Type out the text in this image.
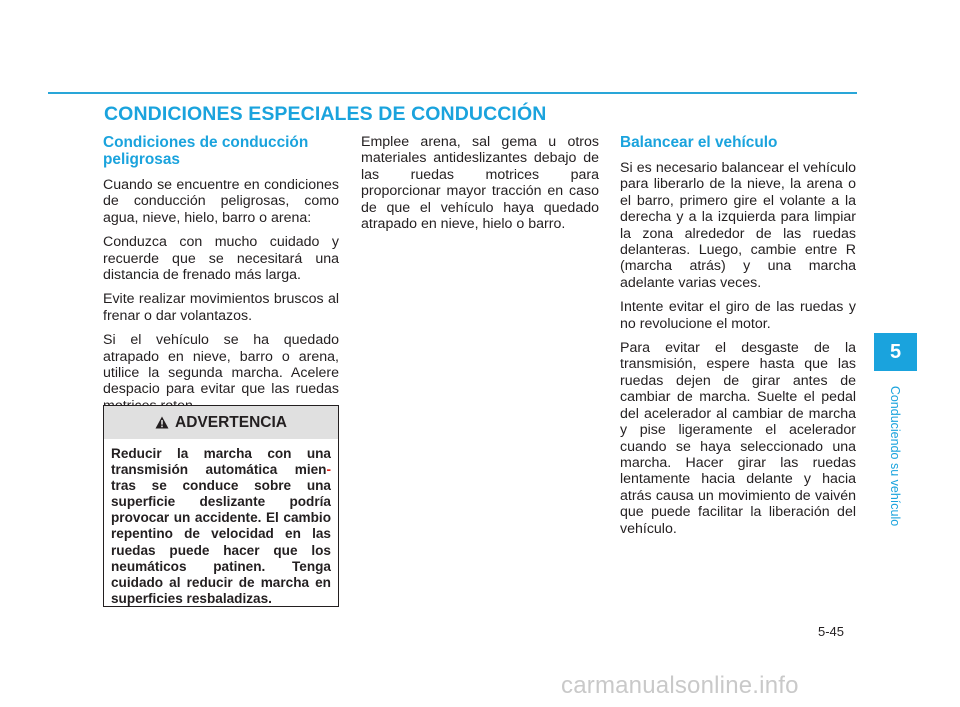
CONDICIONES ESPECIALES DE CONDUCCIÓN
Condiciones de conducción peligrosas

Cuando se encuentre en condiciones de conducción peligrosas, como agua, nieve, hielo, barro o arena:

Conduzca con mucho cuidado y recuerde que se necesitará una distancia de frenado más larga.

Evite realizar movimientos bruscos al frenar o dar volantazos.

Si el vehículo se ha quedado atrapado en nieve, barro o arena, utilice la segunda marcha. Acelere despacio para evitar que las ruedas

ADVERTENCIA
Reducir la marcha con una transmisión automática mien- tras se conduce sobre una superficie deslizante podría provocar un accidente. El cambio repentino de velocidad en las ruedas puede hacer que los neumáticos patinen. Tenga cuidado al reducir de marcha en superficies resbaladizas.

Emplee arena, sal gema u otros materiales antideslizantes debajo de las ruedas motrices para proporcionar mayor tracción en caso de que el vehículo haya quedado atrapado en nieve, hielo o barro.

Balancear el vehículo

Si es necesario balancear el vehículo para liberarlo de la nieve, la arena o el barro, primero gire el volante a la derecha y a la izquierda para limpiar la zona alrededor de las ruedas delanteras. Luego, cambie entre R (marcha atrás) y una marcha adelante varias veces.

Intente evitar el giro de las ruedas y no revolucione el motor.

Para evitar el desgaste de la transmisión, espere hasta que las ruedas dejen de girar antes de cambiar de marcha. Suelte el pedal del acelerador al cambiar de marcha y pise ligeramente el acelerador cuando se haya seleccionado una marcha. Hacer girar las ruedas lentamente hacia delante y hacia atrás causa un movimiento de vaivén que puede facilitar la liberación del vehículo.

5
Conduciendo su vehículo
5-45
carmanualsonline.info
